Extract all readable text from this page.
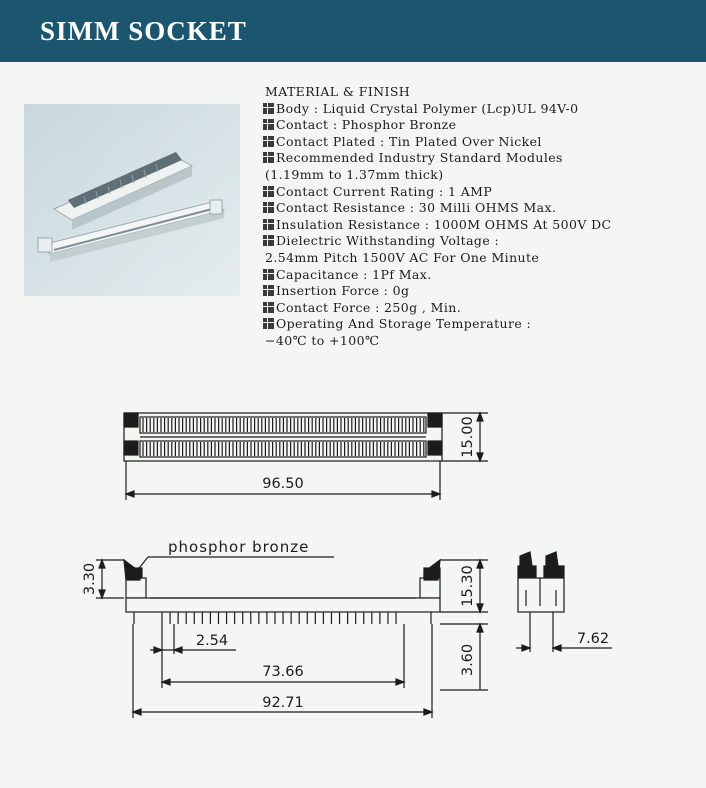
SIMM SOCKET
MATERIAL & FINISH
Body : Liquid Crystal Polymer (Lcp)UL 94V-0
Contact : Phosphor Bronze
Contact Plated : Tin Plated Over Nickel
Recommended Industry Standard Modules
(1.19mm to 1.37mm thick)
Contact Current Rating : 1 AMP
Contact Resistance : 30 Milli OHMS Max.
Insulation Resistance : 1000M OHMS At 500V DC
Dielectric Withstanding Voltage :
2.54mm Pitch 1500V AC For One Minute
Capacitance : 1Pf Max.
Insertion Force : 0g
Contact Force : 250g , Min.
Operating And Storage Temperature :
−40℃ to +100℃
96.50
15.00
phosphor bronze
3.30	15.30
3.60
2.54
73.66
92.71
7.62
